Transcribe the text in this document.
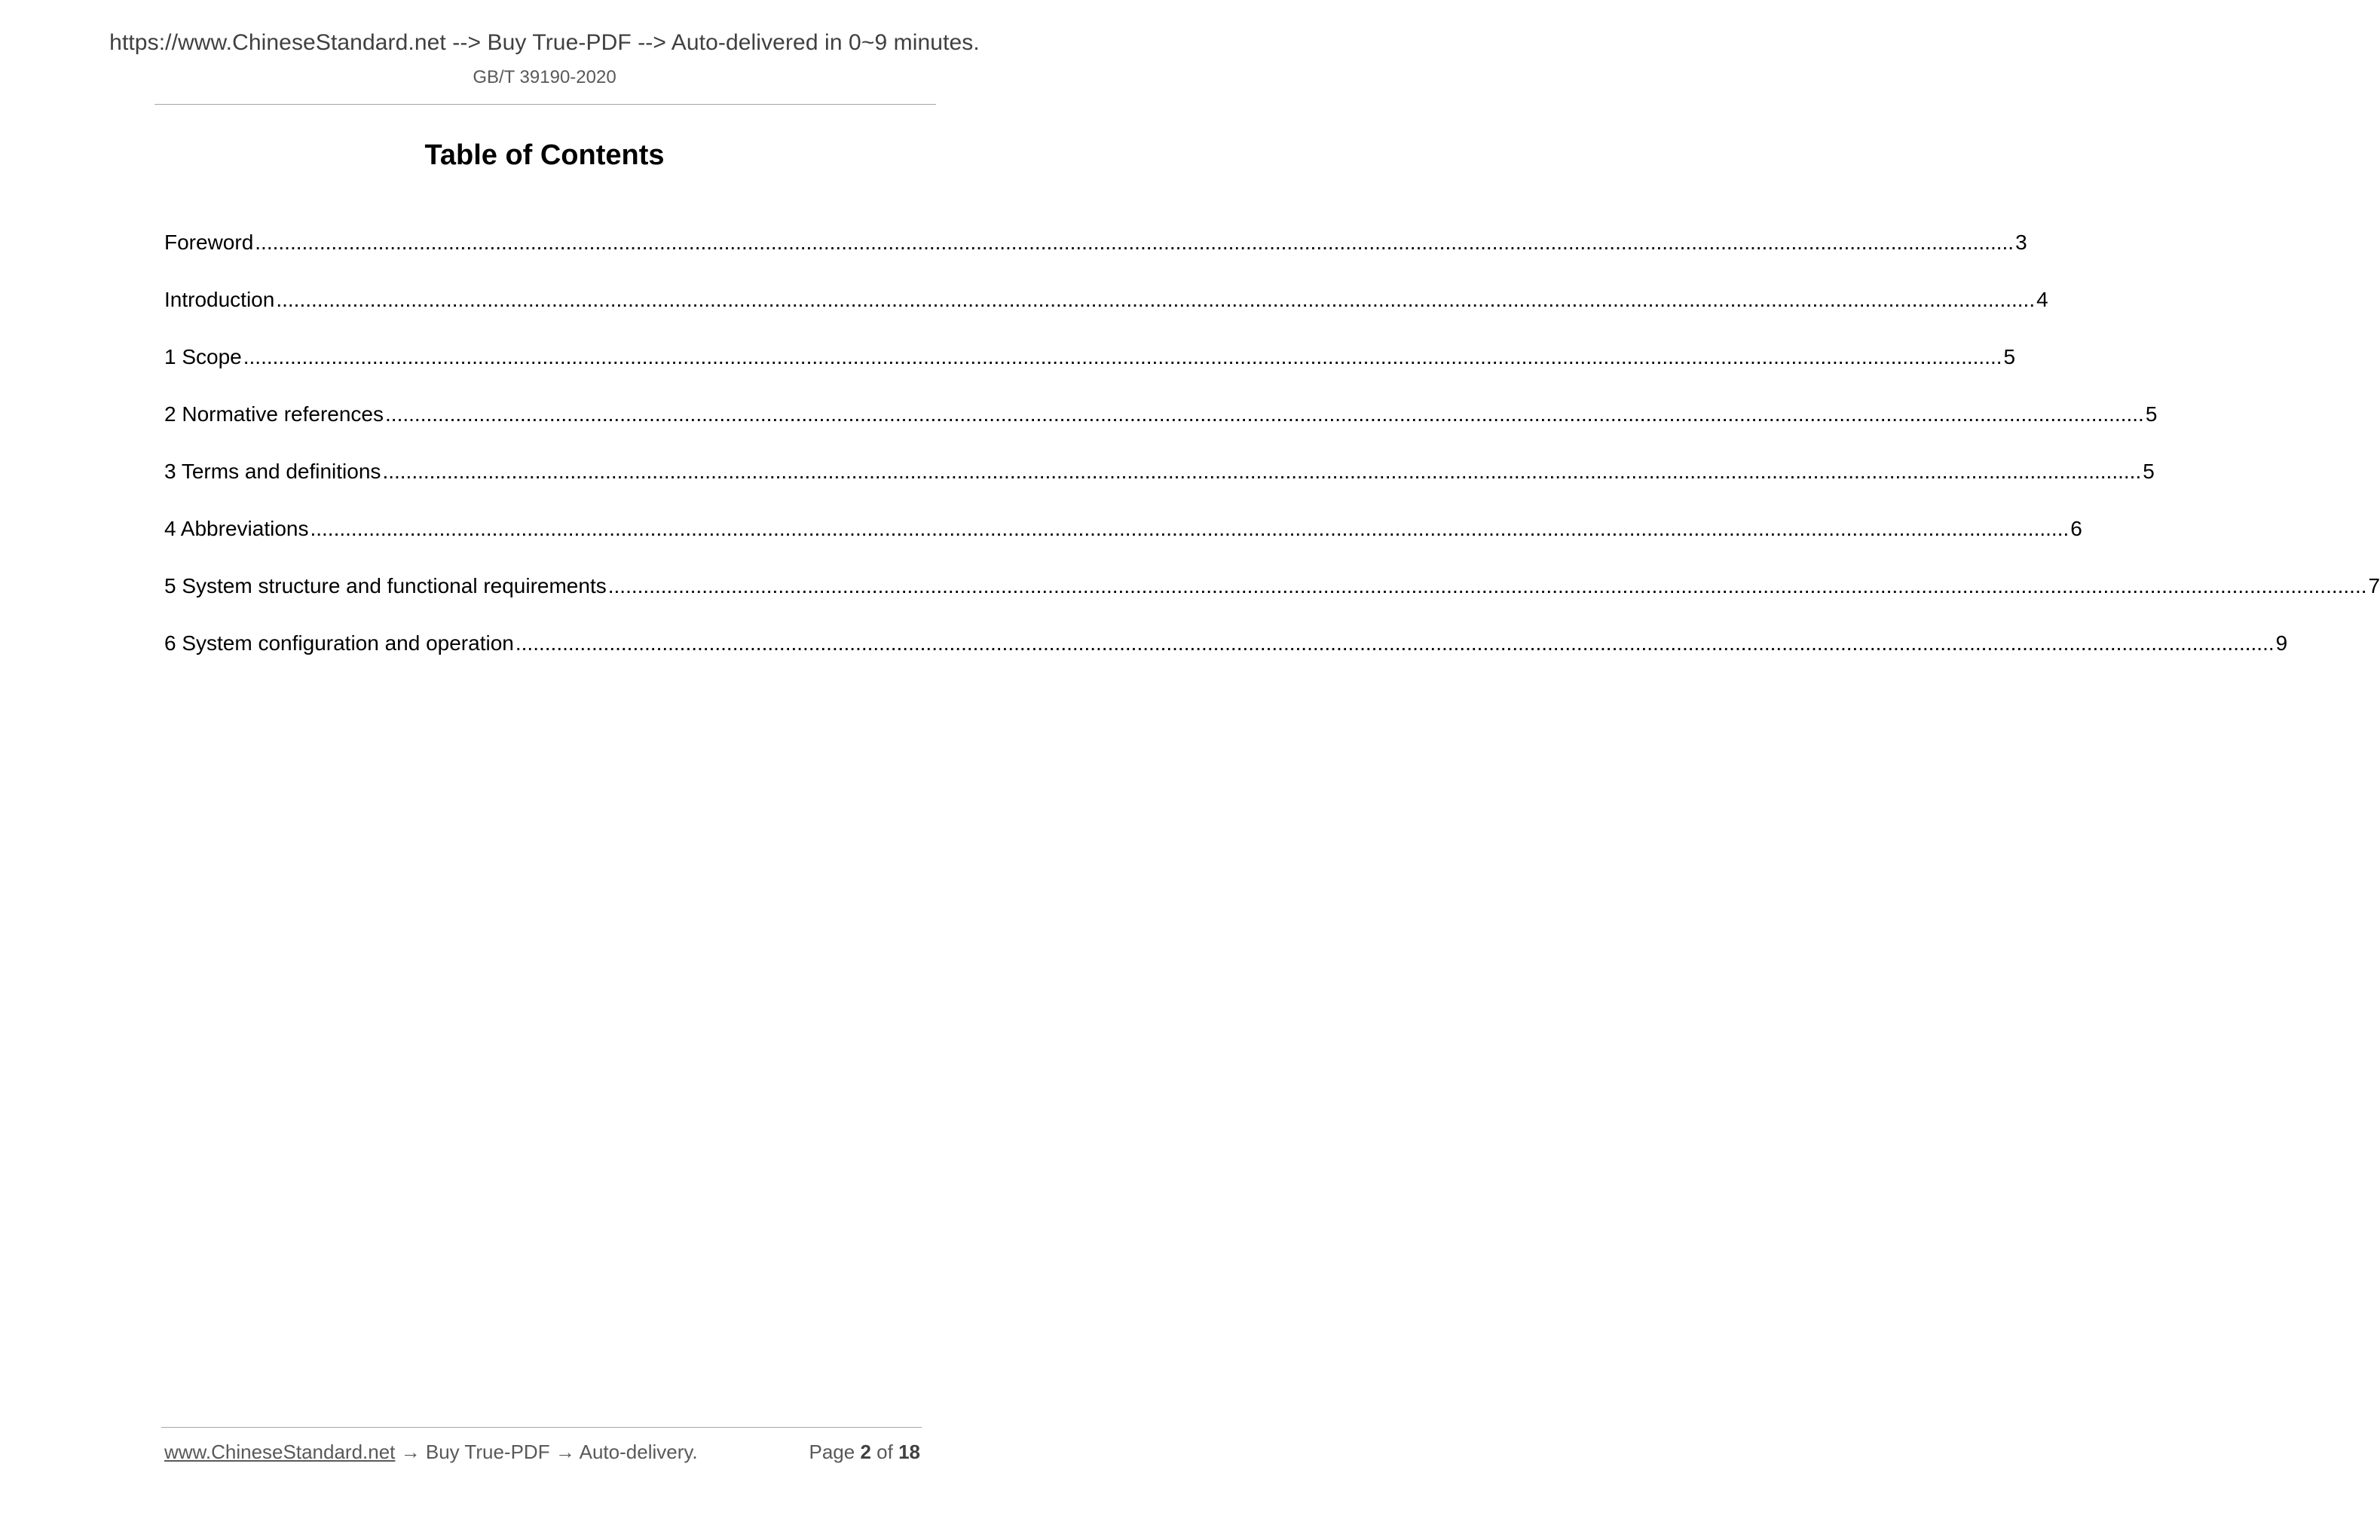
https://www.ChineseStandard.net --> Buy True-PDF --> Auto-delivered in 0~9 minutes.
GB/T 39190-2020
Table of Contents
Foreword ............................................................................................................................................................................................................................................................................................................ 3
Introduction ............................................................................................................................................................................................................................................................................................................ 4
1 Scope ............................................................................................................................................................................................................................................................................................................ 5
2 Normative references ............................................................................................................................................................................................................................................................................................................ 5
3 Terms and definitions ............................................................................................................................................................................................................................................................................................................ 5
4 Abbreviations ............................................................................................................................................................................................................................................................................................................ 6
5 System structure and functional requirements ............................................................................................................................................................................................................................................................................................................ 7
6 System configuration and operation ............................................................................................................................................................................................................................................................................................................ 9
www.ChineseStandard.net → Buy True-PDF → Auto-delivery.	Page 2 of 18
